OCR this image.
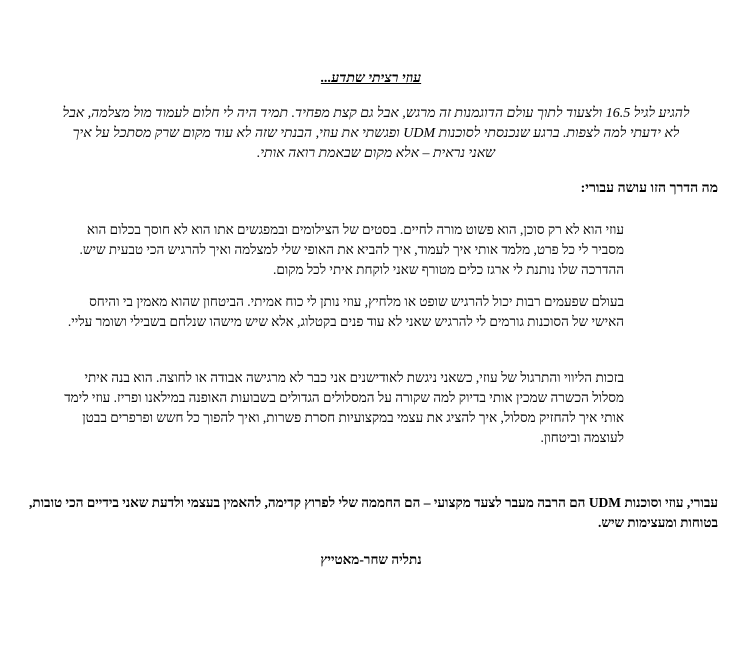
עוזי רציתי שתדע...
להגיע לגיל 16.5 ולצעוד לתוך עולם הדוגמנות זה מרגש, אבל גם קצת מפחיד. תמיד היה לי חלום לעמוד מול מצלמה, אבל לא ידעתי למה לצפות. ברגע שנכנסתי לסוכנות UDM ופגשתי את עוזי, הבנתי שזה לא עוד מקום שרק מסתכל על איך שאני נראית – אלא מקום שבאמת רואה אותי.
מה הדרך הזו עושה עבורי:
עוזי הוא לא רק סוכן, הוא פשוט מורה לחיים. בסטים של הצילומים ובמפגשים אתו הוא לא חוסך בכלום הוא מסביר לי כל פרט, מלמד אותי איך לעמוד, איך להביא את האופי שלי למצלמה ואיך להרגיש הכי טבעית שיש. ההדרכה שלו נותנת לי ארגז כלים מטורף שאני לוקחת איתי לכל מקום.
בעולם שפעמים רבות יכול להרגיש שופט או מלחיץ, עוזי נותן לי כוח אמיתי. הביטחון שהוא מאמין בי והיחס האישי של הסוכנות גורמים לי להרגיש שאני לא עוד פנים בקטלוג, אלא שיש מישהו שנלחם בשבילי ושומר עליי.
בזכות הליווי והתרגול של עוזי, כשאני ניגשת לאודישנים אני כבר לא מרגישה אבודה או לחוצה. הוא בנה איתי מסלול הכשרה שמכין אותי בדיוק למה שקורה על המסלולים הגדולים בשבועות האופנה במילאנו ופריז. עוזי לימד אותי איך להחזיק מסלול, איך להציג את עצמי במקצועיות חסרת פשרות, ואיך להפוך כל חשש ופרפרים בבטן לעוצמה וביטחון.
עבורי, עוזי וסוכנות UDM הם הרבה מעבר לצעד מקצועי – הם החממה שלי לפרוץ קדימה, להאמין בעצמי ולדעת שאני בידיים הכי טובות, בטוחות ומעצימות שיש.
נתליה שחר-מאטייץ
